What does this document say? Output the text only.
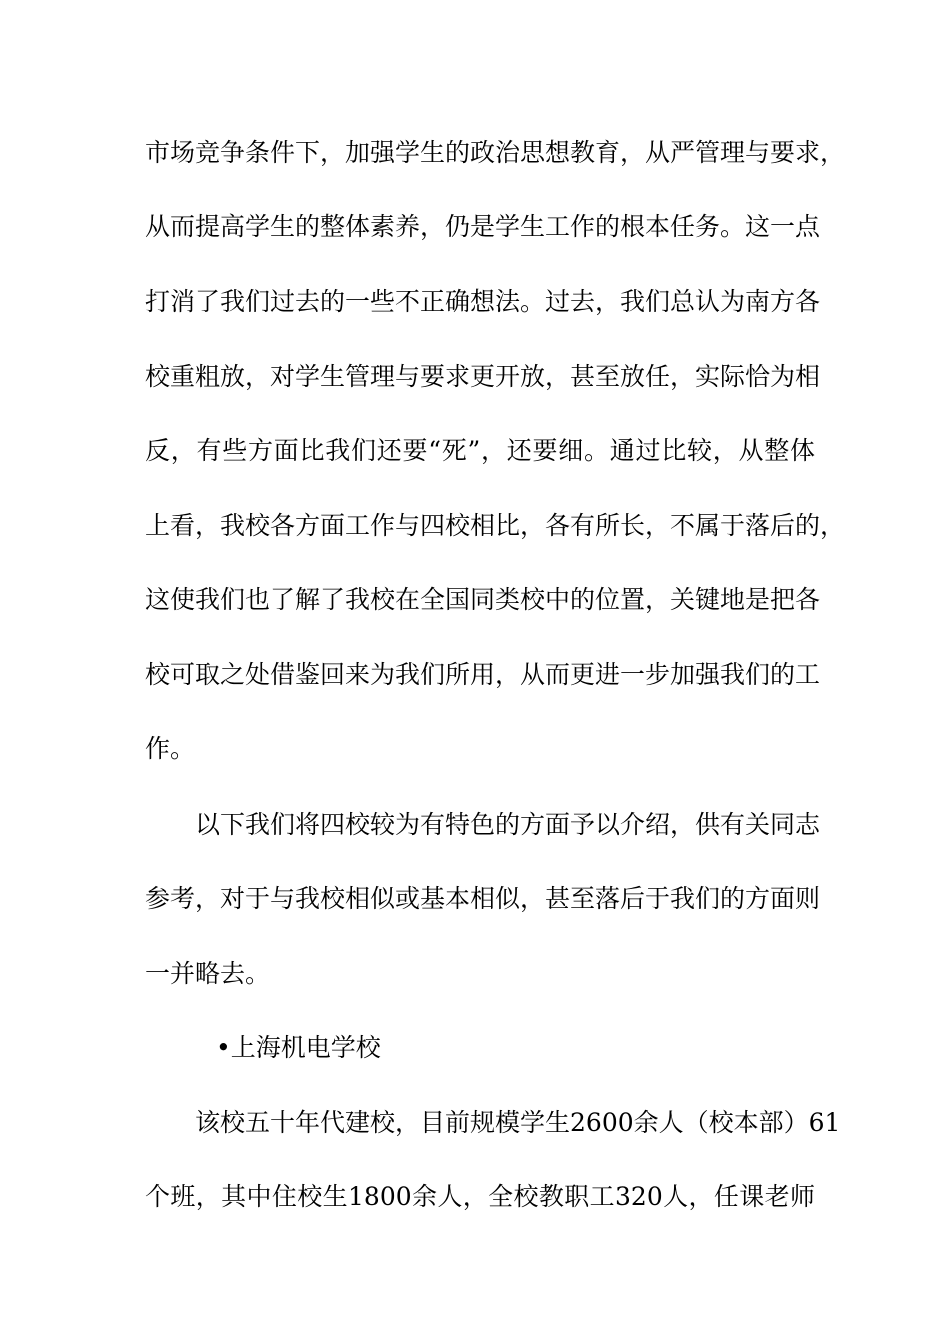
市场竞争条件下，加强学生的政治思想教育，从严管理与要求，
从而提高学生的整体素养，仍是学生工作的根本任务。这一点
打消了我们过去的一些不正确想法。过去，我们总认为南方各
校重粗放，对学生管理与要求更开放，甚至放任，实际恰为相
反，有些方面比我们还要“死”，还要细。通过比较，从整体
上看，我校各方面工作与四校相比，各有所长，不属于落后的，
这使我们也了解了我校在全国同类校中的位置，关键地是把各
校可取之处借鉴回来为我们所用，从而更进一步加强我们的工
作。
以下我们将四校较为有特色的方面予以介绍，供有关同志
参考，对于与我校相似或基本相似，甚至落后于我们的方面则
一并略去。
•上海机电学校
该校五十年代建校，目前规模学生2600余人（校本部）61
个班，其中住校生1800余人，全校教职工320人，任课老师
